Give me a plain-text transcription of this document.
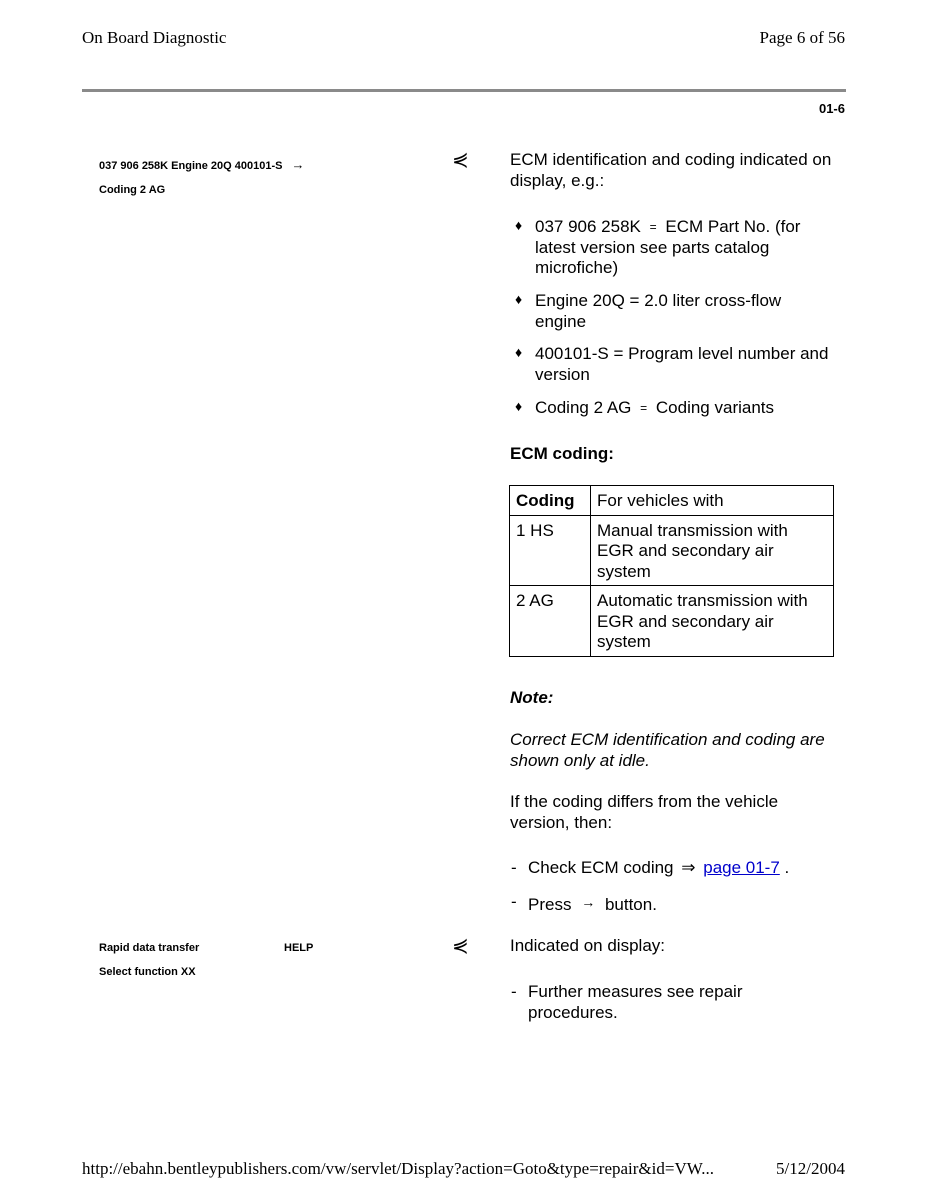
On Board Diagnostic	Page 6 of 56
01-6
037 906 258K Engine 20Q 400101-S →
Coding 2 AG
⋞ ECM identification and coding indicated on display, e.g.:
♦ 037 906 258K = ECM Part No. (for latest version see parts catalog microfiche)
♦ Engine 20Q = 2.0 liter cross-flow engine
♦ 400101-S = Program level number and version
♦ Coding 2 AG = Coding variants
ECM coding:
Coding	For vehicles with
1 HS	Manual transmission with EGR and secondary air system
2 AG	Automatic transmission with EGR and secondary air system
Note:
Correct ECM identification and coding are shown only at idle.
If the coding differs from the vehicle version, then:
- Check ECM coding ⇒ page 01-7 .
- Press → button.
Rapid data transfer	HELP
Select function XX
⋞ Indicated on display:
- Further measures see repair procedures.
http://ebahn.bentleypublishers.com/vw/servlet/Display?action=Goto&type=repair&id=VW...	5/12/2004
